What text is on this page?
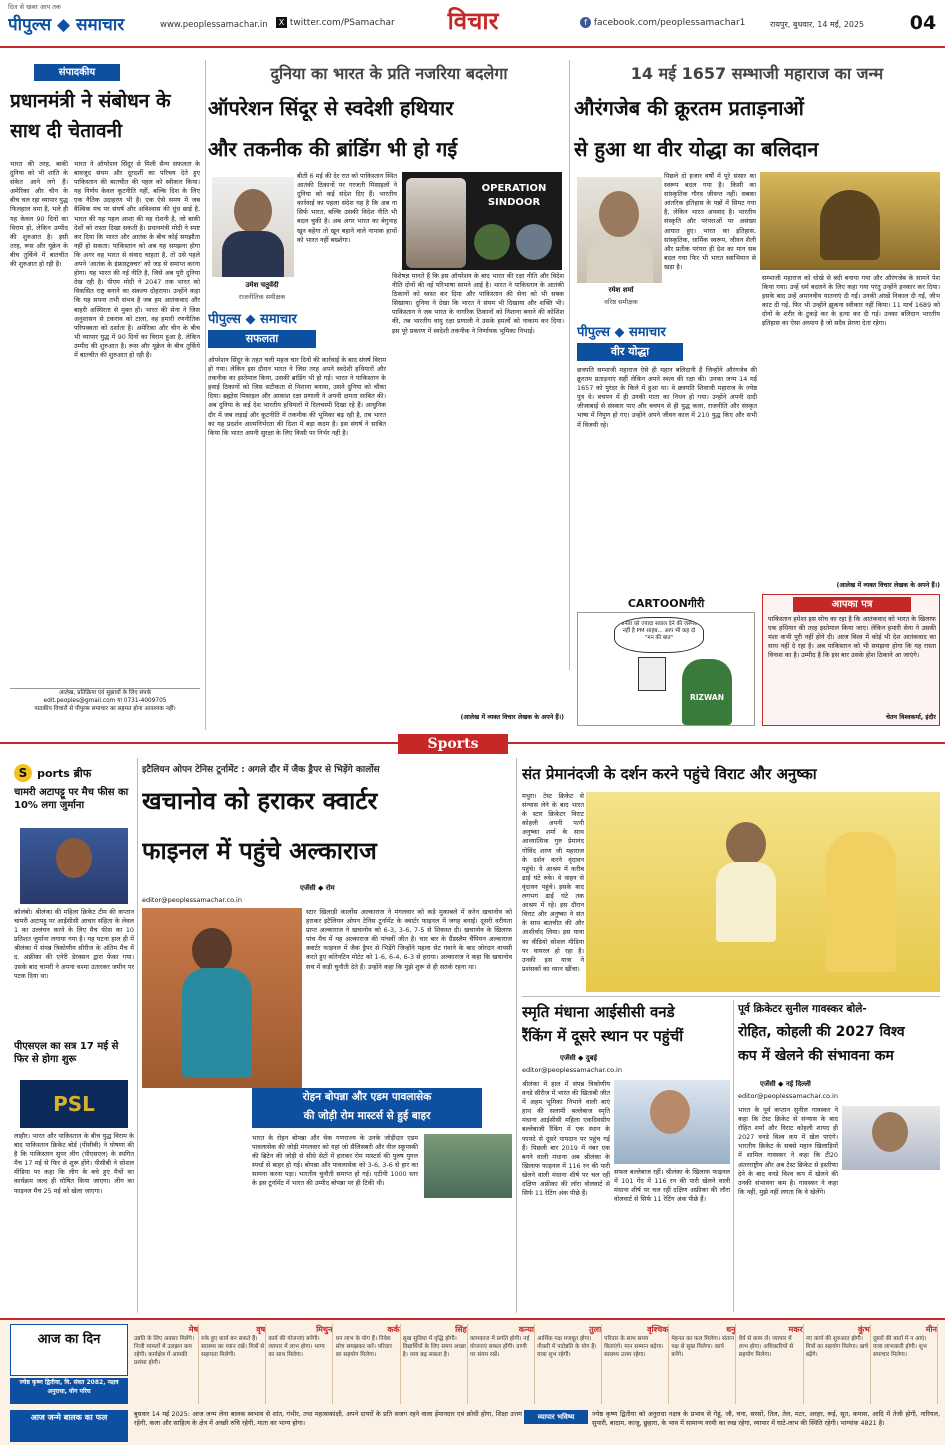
दिल से खबर आप तक
पीपुल्स ◆ समाचार	www.peoplessamachar.in	X twitter.com/PSamachar	विचार	f facebook.com/peoplessamachar1	रायपुर, बुधवार, 14 मई, 2025	04
संपादकीय
प्रधानमंत्री ने संबोधन के साथ दी चेतावनी
भारत की तरह, बाकी दुनिया को भी शांति के संकेत आने लगे हैं। अमेरिका और चीन के बीच चल रहा व्यापार युद्ध फिलहाल थमा है, भले ही यह केवल 90 दिनों का विराम हो, लेकिन उम्मीद की शुरुआत है। इसी तरह, रूस और यूक्रेन के बीच तुर्किये में बातचीत की शुरुआत हो रही है।
भारत ने ऑपरेशन सिंदूर से मिली सैन्य सफलता के बावजूद संयम और दूरदर्शी का परिचय देते हुए पाकिस्तान की बातचीत की पहल को स्वीकार किया। यह निर्णय केवल कूटनीति नहीं, बल्कि दिश के लिए एक नैतिक उदाहरण भी है। एक ऐसे समय में जब वैश्विक मंच पर संघर्ष और अविश्वास की धुंध छाई है, भारत की यह पहल आशा की वह रोशनी है, जो बाकी देशों को रास्ता दिखा सकती है। प्रधानमंत्री मोदी ने स्पष्ट कर दिया कि भारत और आतंक के बीच कोई समझौता नहीं हो सकता। पाकिस्तान को अब यह समझना होगा कि अगर वह भारत से संवाद चाहता है, तो उसे पहले अपने 'आतंक के इंफ्रास्ट्रक्चर' को जड़ से समाप्त करना होगा। यह भारत की नई नीति है, जिसे अब पूरी दुनिया देख रही है। पीएम मोदी ने 2047 तक भारत को विकसित राष्ट्र बनाने का संकल्प दोहराया। उन्होंने कहा कि यह सपना तभी संभव है जब हम आतंकवाद और बाहरी अस्थिरता से मुक्त हों। भारत की सेना ने जिस अनुशासन से टकराव को टाला, वह हमारी रणनीतिक परिपक्वता को दर्शाता है। अमेरिका और चीन के बीच भी व्यापार युद्ध में 90 दिनों का विराम हुआ है, लेकिन उम्मीद की शुरुआत है। रूस और यूक्रेन के बीच तुर्किये में बातचीत की शुरुआत हो रही है।
आलेख, प्रतिक्रिया एवं सुझावों के लिए संपर्क
edit.peoples@gmail.com या 0731-4009705
पाठकीय विचारों से पीपुल्स समाचार का सहमत होना आवश्यक नहीं।
दुनिया का भारत के प्रति नजरिया बदलेगा
ऑपरेशन सिंदूर से स्वदेशी हथियार
और तकनीक की ब्रांडिंग भी हो गई
उमेश चतुर्वेदी
राजनीतिक समीक्षक
पीपुल्स ◆ समाचार
सफलता
बीती 6 मई की देर रात को पाकिस्तान स्थित आतंकी ठिकानों पर गरजती मिसाइलों ने दुनिया को कई संदेश दिए हैं। भारतीय कार्रवाई का पहला संदेश यह है कि अब ना सिर्फ भारत, बल्कि उसकी विदेश नीति भी बदल चुकी है। अब अगर भारत का बेगुनाह खून बहेगा तो खून बहाने वाले नापाक हाथों को भारत नहीं बख्शेगा।
OPERATION SINDOOR
ऑपरेशन सिंदूर के तहत चली महज चार दिनों की कार्रवाई के बाद संघर्ष विराम हो गया। लेकिन इस दौरान भारत ने जिस तरह अपने स्वदेशी हथियारों और तकनीक का इस्तेमाल किया, उसकी ब्रांडिंग भी हो गई। भारत ने पाकिस्तान के हवाई ठिकानों को जिस सटीकता से निशाना बनाया, उसने दुनिया को चौंका दिया। ब्रह्मोस मिसाइल और आकाश रक्षा प्रणाली ने अपनी क्षमता साबित की। अब दुनिया के कई देश भारतीय हथियारों में दिलचस्पी दिखा रहे हैं। आधुनिक दौर में जब लड़ाई और कूटनीति में तकनीक की भूमिका बढ़ रही है, तब भारत का यह प्रदर्शन आत्मनिर्भरता की दिशा में बड़ा कदम है। इस संघर्ष ने साबित किया कि भारत अपनी सुरक्षा के लिए किसी पर निर्भर नहीं है।
विशेषज्ञ मानते हैं कि इस ऑपरेशन के बाद भारत की रक्षा नीति और विदेश नीति दोनों की नई परिभाषा सामने आई है। भारत ने पाकिस्तान के आतंकी ठिकानों को ध्वस्त कर दिया और पाकिस्तान की सेना को भी सबक सिखाया। दुनिया ने देखा कि भारत ने संयम भी दिखाया और शक्ति भी। पाकिस्तान ने जब भारत के नागरिक ठिकानों को निशाना बनाने की कोशिश की, तब भारतीय वायु रक्षा प्रणाली ने उसके हमलों को नाकाम कर दिया। इस पूरे प्रकरण में स्वदेशी तकनीक ने निर्णायक भूमिका निभाई।
(आलेख में व्यक्त विचार लेखक के अपने हैं।)
14 मई 1657 सम्भाजी महाराज का जन्म
औरंगजेब की क्रूरतम प्रताड़नाओं
से हुआ था वीर योद्धा का बलिदान
रमेश शर्मा
वरिष्ठ समीक्षक
पीपुल्स ◆ समाचार
वीर योद्धा
पिछले दो हजार वर्षों में पूरे संसार का स्वरूप बदल गया है। किसी का सांस्कृतिक गौरव जीवन्त नहीं। सबका आंतरिक इतिहास के पन्नों में सिमट गया है, लेकिन भारत अपवाद है। भारतीय संस्कृति और परंपराओं पर असंख्य आघात हुए। भारत का इतिहास, सांस्कृतिक, धार्मिक स्वरूप, जीवन शैली और प्रतीक परंपरा ही देश का मान सब बदल गया फिर भी भारत स्वाभिमान से खड़ा है।
छत्रपति सम्भाजी महाराज ऐसे ही महान बलिदानी हैं जिन्होंने औरंगजेब की क्रूरतम प्रताड़नाएं सहीं लेकिन अपने स्वत्व की रक्षा की। उनका जन्म 14 मई 1657 को पुरंदर के किले में हुआ था। वे छत्रपति शिवाजी महाराज के ज्येष्ठ पुत्र थे। बचपन में ही उनकी माता का निधन हो गया। उन्होंने अपनी दादी जीजाबाई से संस्कार पाए और बचपन से ही युद्ध कला, राजनीति और संस्कृत भाषा में निपुण हो गए। उन्होंने अपने जीवन काल में 210 युद्ध किए और सभी में विजयी रहे।
सम्भाजी महाराज को धोखे से बंदी बनाया गया और औरंगजेब के सामने पेश किया गया। उन्हें धर्म बदलने के लिए कहा गया परंतु उन्होंने इनकार कर दिया। इसके बाद उन्हें अमानवीय यातनाएं दी गईं। उनकी आंखें निकाल दी गईं, जीभ काट दी गई, फिर भी उन्होंने झुकना स्वीकार नहीं किया। 11 मार्च 1689 को दोनों के शरीर के टुकड़े कर के हत्या कर दी गई। उनका बलिदान भारतीय इतिहास का ऐसा अध्याय है जो सदैव प्रेरणा देता रहेगा।
(आलेख में व्यक्त विचार लेखक के अपने हैं।)
CARTOONगीरी
जनता को ज्यादा सवाल देने की जरूरत नहीं है PM साहब... आप भी कह दो "मन की बात"
RIZWAN
आपका पत्र
पाकिस्तान हमेशा इस सोच का रहा है कि आतंकवाद को भारत के खिलाफ एक हथियार की तरह इस्तेमाल किया जाए। लेकिन हमारी सेना ने उसकी मंशा कभी पूरी नहीं होने दी। आज विश्व में कोई भी देश आतंकवाद का साथ नहीं दे रहा है। अब पाकिस्तान को भी समझना होगा कि यह रास्ता विनाश का है। उम्मीद है कि इस बार उसके होश ठिकाने आ जाएंगे।
चेतन विश्वकर्मा, इंदौर
Sports
S ports ब्रीफ
चामरी अटापट्टू पर मैच फीस का 10% लगा जुर्माना
कोलंबो। श्रीलंका की महिला क्रिकेट टीम की कप्तान चामरी अटापट्टू पर आईसीसी आचार संहिता के लेवल 1 का उल्लंघन करने के लिए मैच फीस का 10 प्रतिशत जुर्माना लगाया गया है। यह घटना हाल ही में श्रीलंका में संपन्न त्रिकोणीय सीरीज के अंतिम मैच में द. अफ्रीका की एनेरी डेरक्सन द्वारा फेंका गया। उसके बाद चामरी ने अपना चश्मा उतारकर जमीन पर पटक दिया था।
पीएसएल का सत्र 17 मई से फिर से होगा शुरू
PSL
लाहौर। भारत और पाकिस्तान के बीच युद्ध विराम के बाद पाकिस्तान क्रिकेट बोर्ड (पीसीबी) ने घोषणा की है कि पाकिस्तान सुपर लीग (पीएसएल) के स्थगित मैच 17 मई से फिर से शुरू होंगे। पीसीबी ने सोशल मीडिया पर कहा कि लीग के बचे हुए मैचों का कार्यक्रम जल्द ही घोषित किया जाएगा। लीग का फाइनल मैच 25 मई को खेला जाएगा।
इटैलियन ओपन टेनिस टूर्नामेंट : अगले दौर में जैक ड्रैपर से भिड़ेंगे कार्लोस
खचानोव को हराकर क्वार्टर
फाइनल में पहुंचे अल्काराज
एजेंसी ◆ रोम
editor@peoplessamachar.co.in
स्टार खिलाड़ी कार्लोस अल्काराज ने मंगलवार को कड़े मुकाबले में करेन खचानोव को हराकर इटैलियन ओपन टेनिस टूर्नामेंट के क्वार्टर फाइनल में जगह बनाई। दूसरी वरीयता प्राप्त अल्काराज ने खचानोव को 6-3, 3-6, 7-5 से शिकस्त दी। खचानोव के खिलाफ पांच मैच में यह अल्काराज की पांचवीं जीत है। चार बार के ग्रैंडस्लैम चैंपियन अल्काराज क्वार्टर फाइनल में जैक ड्रैपर से भिड़ेंगे जिन्होंने पहला सेट गंवाने के बाद जोरदार वापसी करते हुए कोरेनटिन मोटेट को 1-6, 6-4, 6-3 से हराया। अल्काराज ने कहा कि खचानोव सच में कड़ी चुनौती देते हैं। उन्होंने कहा कि मुझे शुरू से ही सतर्क रहना था।
रोहन बोपन्ना और एडम पावलासेक
की जोड़ी रोम मास्टर्स से हुई बाहर
भारत के रोहन बोपन्ना और चेक गणराज्य के उनके जोड़ीदार एडम पावलासेक की जोड़ी मंगलवार को यहां जो सैलिसबरी और नील स्कूपस्की की ब्रिटेन की जोड़ी से सीधे सेटों में हारकर रोम मास्टर्स की पुरुष युगल स्पर्धा से बाहर हो गई। बोपन्ना और पावलासेक को 3-6, 3-6 से हार का सामना करना पड़ा। भारतीय चुनौती समाप्त हो गई। एटीपी 1000 स्तर के इस टूर्नामेंट में भारत की उम्मीद बोपन्ना पर ही टिकी थी।
संत प्रेमानंदजी के दर्शन करने पहुंचे विराट और अनुष्का
मथुरा। टेस्ट क्रिकेट से संन्यास लेने के बाद भारत के स्टार क्रिकेटर विराट कोहली अपनी पत्नी अनुष्का शर्मा के साथ आध्यात्मिक गुरु प्रेमानंद गोविंद शरण जी महाराज के दर्शन करने वृंदावन पहुंचे। ये आश्रम में करीब ढाई घंटे रुके। वे वाहन से वृंदावन पहुंचे। इसके बाद लगभग ढाई घंटे तक आश्रम में रहे। इस दौरान विराट और अनुष्का ने संत के साथ बातचीत की और आशीर्वाद लिया। इस यात्रा का वीडियो सोशल मीडिया पर वायरल हो रहा है। उनकी इस यात्रा ने प्रशंसकों का ध्यान खींचा।
स्मृति मंधाना आईसीसी वनडे
रैंकिंग में दूसरे स्थान पर पहुंचीं
एजेंसी ◆ दुबई
editor@peoplessamachar.co.in
श्रीलंका में हाल में संपन्न त्रिकोणीय वनडे सीरीज में भारत की खिताबी जीत में अहम भूमिका निभाने वाली बाएं हाथ की सलामी बल्लेबाज स्मृति मंधाना आईसीसी महिला एकदिवसीय बल्लेबाजी रैंकिंग में एक स्थान के फायदे से दूसरे पायदान पर पहुंच गई हैं। पिछली बार 2019 में नंबर एक बनने वाली मंधाना अब श्रीलंका के खिलाफ फाइनल में 116 रन की पारी खेलने वाली मंधाना शीर्ष पर चल रहीं दक्षिण अफ्रीका की लॉरा वोलवार्ट से सिर्फ 11 रेटिंग अंक पीछे हैं।
सफल बल्लेबाज रहीं। श्रीलंका के खिलाफ फाइनल में 101 गेंद में 116 रन की पारी खेलने वाली मंधाना शीर्ष पर चल रहीं दक्षिण अफ्रीका की लौरा वोलवार्ट से सिर्फ 11 रेटिंग अंक पीछे हैं।
पूर्व क्रिकेटर सुनील गावस्कर बोले-
रोहित, कोहली की 2027 विश्व
कप में खेलने की संभावना कम
एजेंसी ◆ नई दिल्ली
editor@peoplessamachar.co.in
भारत के पूर्व कप्तान सुनील गावस्कर ने कहा कि टेस्ट क्रिकेट से संन्यास के बाद रोहित शर्मा और विराट कोहली शायद ही 2027 वनडे विश्व कप में खेल पाएंगे। भारतीय क्रिकेट के सबसे महान खिलाड़ियों में शामिल गावस्कर ने कहा कि टी20 अंतरराष्ट्रीय और अब टेस्ट क्रिकेट से इस्तीफा देने के बाद वनडे विश्व कप में खेलने की उनकी संभावना कम है। गावस्कर ने कहा कि नहीं, मुझे नहीं लगता कि वे खेलेंगे।
आज का दिन
ज्येष्ठ कृष्ण द्वितीया, वि. संवत 2082, नक्षत्र अनुराधा, योग परिघ
मेष
उन्नति के लिए अवसर मिलेंगे। निजी मामलों में उलझन कम रहेगी। कार्यक्षेत्र में आपकी प्रशंसा होगी।
वृष
रुके हुए कार्य बन सकते हैं। स्वास्थ्य का ध्यान रखें। मित्रों से सहायता मिलेगी।
मिथुन
कार्य की योजनाएं बनेंगी। व्यापार में लाभ होगा। भाग्य का साथ मिलेगा।
कर्क
धन लाभ के योग हैं। निवेश सोच समझकर करें। परिवार का सहयोग मिलेगा।
सिंह
सुख सुविधा में वृद्धि होगी। विद्यार्थियों के लिए समय अच्छा है। व्यय बढ़ सकता है।
कन्या
कामकाज में प्रगति होगी। नई योजनाएं सफल होंगी। वाणी पर संयम रखें।
तुला
आर्थिक पक्ष मजबूत होगा। नौकरी में पदोन्नति के योग हैं। यात्रा शुभ रहेगी।
वृश्चिक
परिवार के साथ समय बिताएंगे। मान सम्मान बढ़ेगा। स्वास्थ्य उत्तम रहेगा।
धनु
मेहनत का फल मिलेगा। संतान पक्ष से सुख मिलेगा। कार्य बनेंगे।
मकर
धैर्य से काम लें। व्यापार में लाभ होगा। अधिकारियों से सहयोग मिलेगा।
कुंभ
नए कार्य की शुरुआत होगी। मित्रों का सहयोग मिलेगा। खर्च बढ़ेंगे।
मीन
दूसरों की बातों में न आएं। यात्रा लाभकारी होगी। शुभ समाचार मिलेगा।
आज जन्मे बालक का फल	बुधवार 14 मई 2025: आज जन्म लेना बालक स्वभाव से शांत, गंभीर, तथा महत्वाकांक्षी, अपने दायरों के प्रति सजग रहने वाला ईमानदार एवं क्रोधी होगा, शिक्षा उत्तम रहेगी, कला और साहित्य के क्षेत्र में अच्छी रुचि रहेगी, माता का भाग्य होगा।
व्यापार भविष्य	ज्येष्ठ कृष्ण द्वितीया को अनुराधा नक्षत्र के प्रभाव से गेहूं, जौ, चना, सरसों, तिल, तेल, मटर, अरहर, रूई, सूत, कपास, आदि में तेजी होगी, नारियल, सुपारी, बादाम, काजू, छुहारा, के भाव में सामान्य नरमी का रुख रहेगा, व्यापार में घाटे-लाभ की स्थिति रहेगी। भाग्यांक 4821 है।
